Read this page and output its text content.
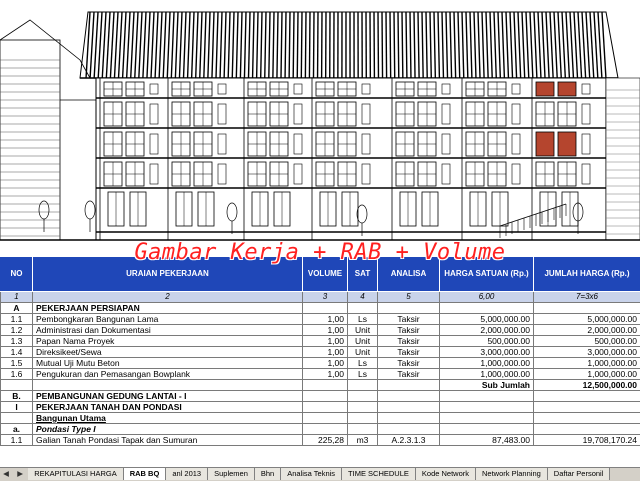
Gambar Kerja + RAB + Volume
NO	URAIAN PEKERJAAN	VOLUME	SAT	ANALISA	HARGA SATUAN (Rp.)	JUMLAH HARGA (Rp.)
1	2	3	4	5	6,00	7=3x6
A	PEKERJAAN PERSIAPAN					
1.1	Pembongkaran Bangunan Lama	1,00	Ls	Taksir	5,000,000.00	5,000,000.00
1.2	Administrasi dan Dokumentasi	1,00	Unit	Taksir	2,000,000.00	2,000,000.00
1.3	Papan Nama Proyek	1,00	Unit	Taksir	500,000.00	500,000.00
1.4	Direksikeet/Sewa	1,00	Unit	Taksir	3,000,000.00	3,000,000.00
1.5	Mutual Uji Mutu Beton	1,00	Ls	Taksir	1,000,000.00	1,000,000.00
1.6	Pengukuran dan Pemasangan Bowplank	1,00	Ls	Taksir	1,000,000.00	1,000,000.00
					Sub Jumlah	12,500,000.00
B.	PEMBANGUNAN GEDUNG LANTAI - I					
I	PEKERJAAN TANAH DAN PONDASI					
	Bangunan Utama					
a.	Pondasi Type I					
1.1	Galian Tanah Pondasi Tapak dan Sumuran	225,28	m3	A.2.3.1.3	87,483.00	19,708,170.24
◀ ▶ REKAPITULASI HARGA RAB BQ anl 2013 Suplemen Bhn Analisa Teknis TIME SCHEDULE Kode Network Network Planning Daftar Personil
